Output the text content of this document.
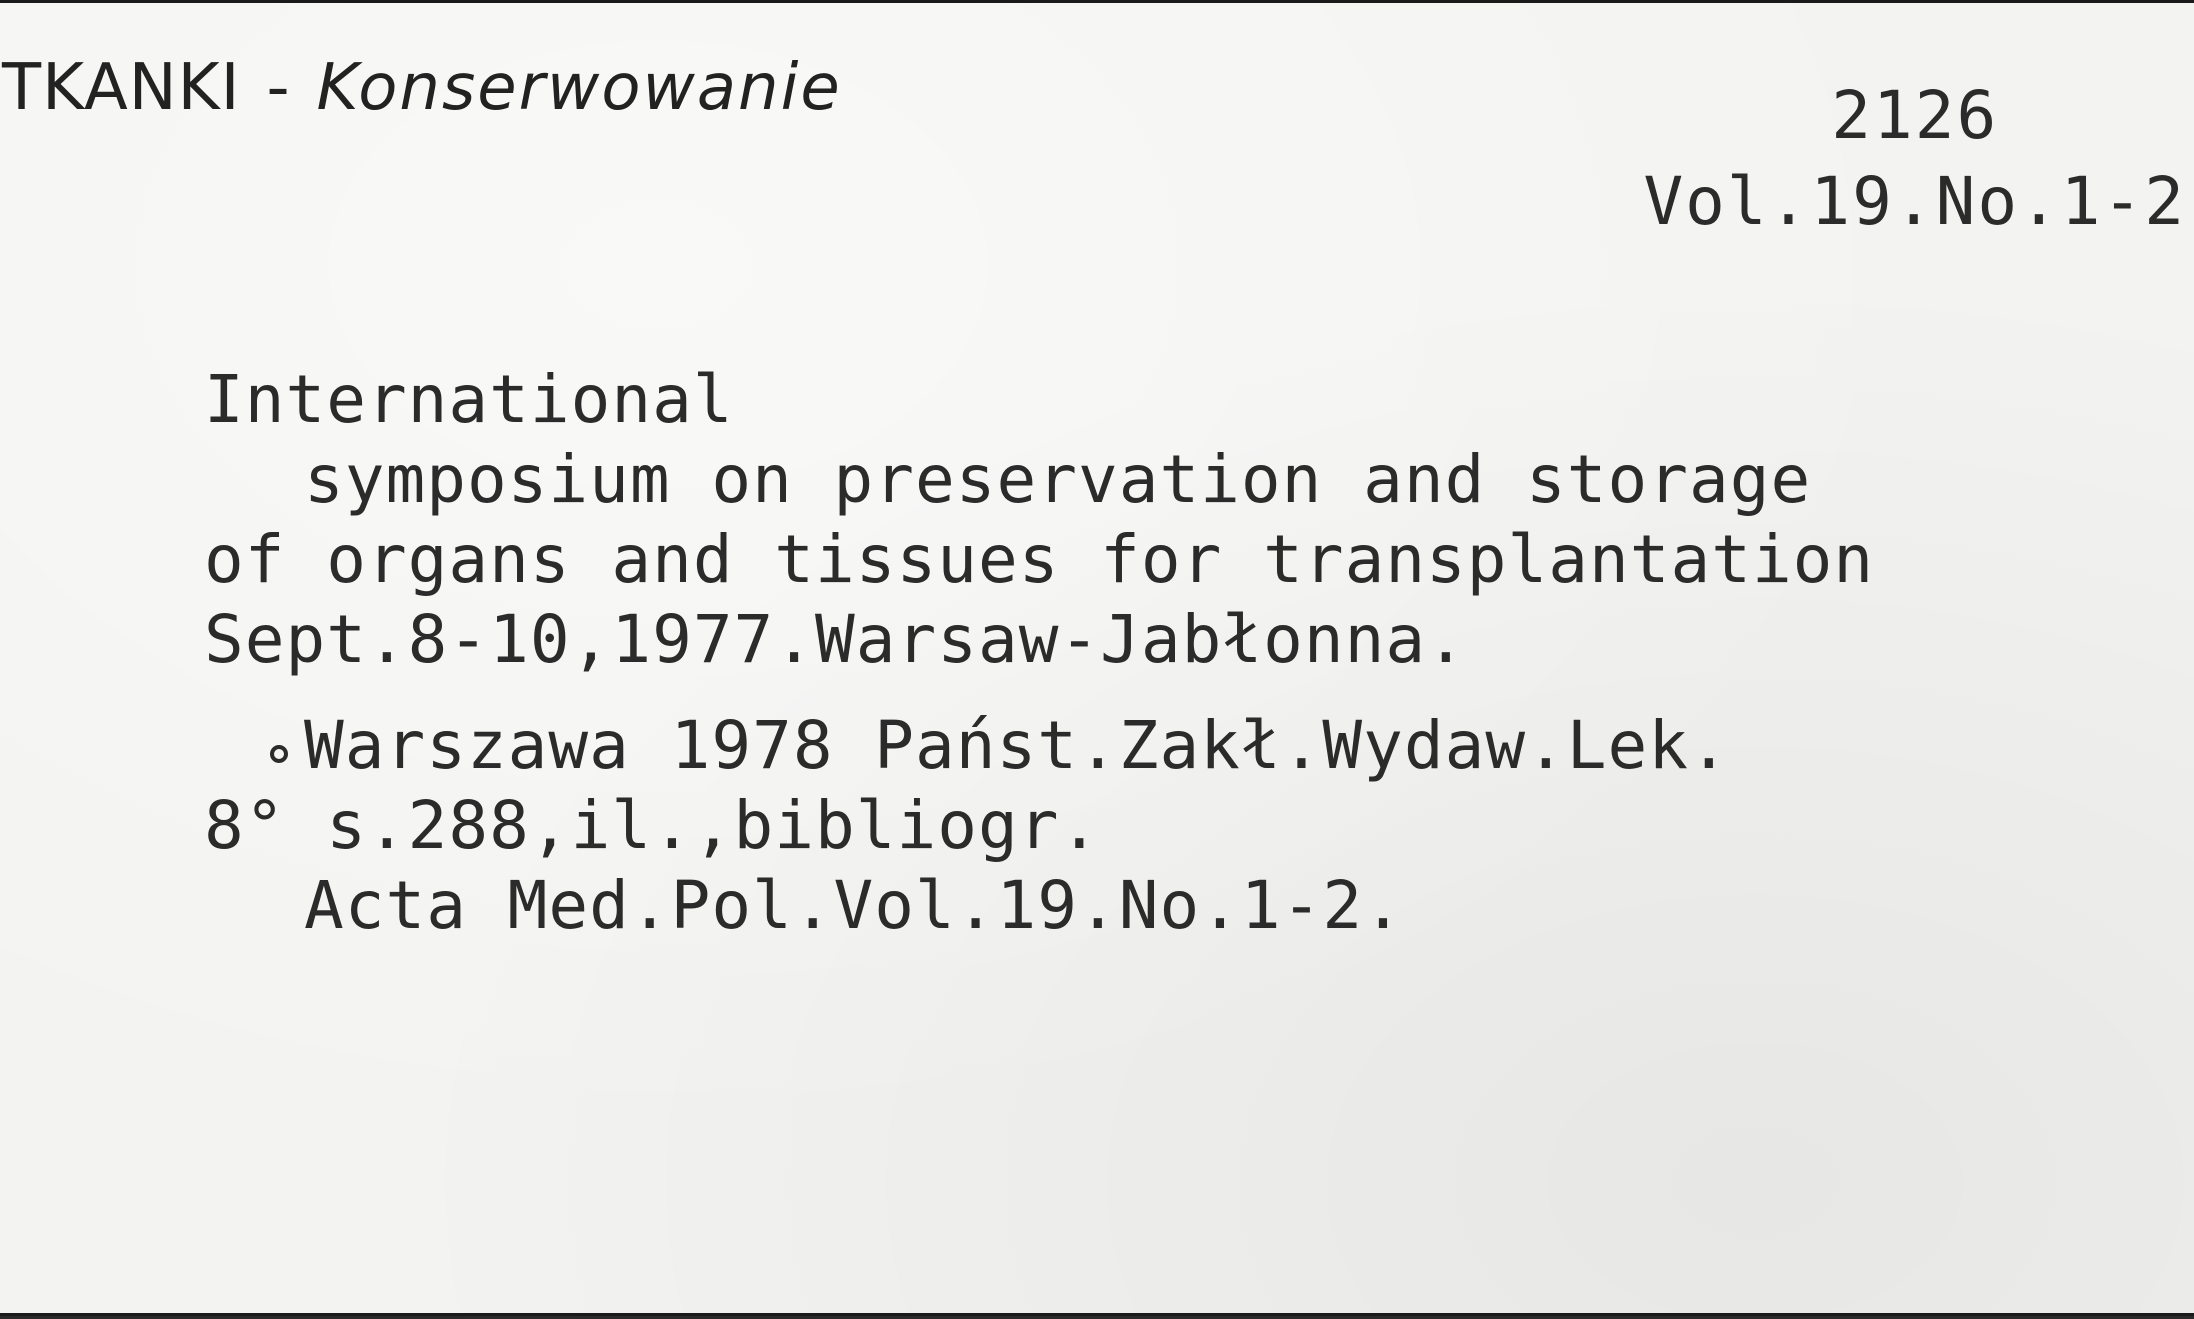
TKANKI - Konserwowanie	2126
Vol.19.No.1-2
International
symposium on preservation and storage
of organs and tissues for transplantation
Sept.8-10,1977.Warsaw-Jabłonna.
Warszawa 1978 Państ.Zakł.Wydaw.Lek.
8° s.288,il.,bibliogr.
Acta Med.Pol.Vol.19.No.1-2.
